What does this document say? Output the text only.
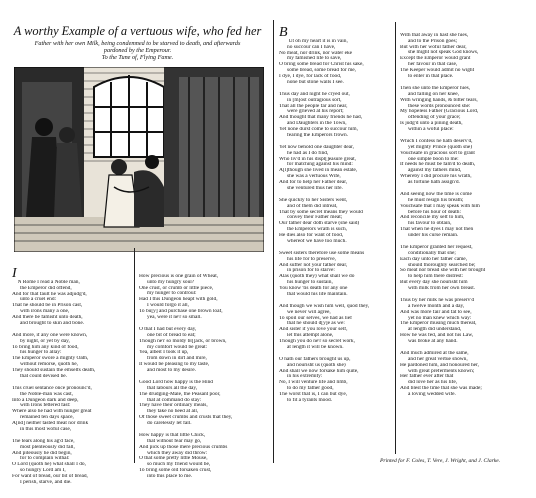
A worthy Example of a vertuous wife, who fed her
Father with her own Milk, being condemned to be starved to death, and afterwards
pardoned by the Emperour.
To the Tune of, Flying Fame.

I

N Rome I read a Noble man,
the Emperor did offend,
And for that fault he was adjudg'd,
unto a cruel end:
That he should be in Prison cast,
with irons many a one,
And there be famisht unto death,
and brought to skin and bone.

And more, if any one were known,
by night, or yet by day,
To bring him any kind of food,
his hunger to allay:
The Emperor swore a mighty Oath,
without remorse, quoth he,
They should sustain the emselfs death,
that could devised be.

This cruel sentance once pronounc'd,
the Noble-man was cast,
Into a Dungeon dark and deep,
with Irons fettered fast:
Where also he had with hunger great
remained ten days space,
A[nd] neither tasted meat nor drink
in this most woful case,

The tears along his ag'd face,
most plenteously did fall,
And piteously he did begin,
for to complain withal:
O Lord (quoth he) what shall I do,
so hungry Lord am I,
For want of bread, our bit of bread,
I perish, starve, and die.

How precious is one grain of Wheat,
unto my hungry soul?
One crust, or crumb or little piece,
my hunger to controul:
Had I this Dungeon heapt with gold,
I would forgo it all,
To bu[y] and purchase one brown loaf,
yea, were it ne'r so small.

O that I had but every day,
one bit of bread to eat;
Though ne'r so moldy bl[]ack, or brown,
my comfort would be great:
Yea, albeit I took it up,
from down in dirt and mire,
It would be pleasing to my taste,
and most to my desire.

Good Lord how happy is the Hind
that labours all the day,
The drudging-Male, the Peasant poor,
that at command do stay:
They have their ordinary meals,
they take no heed at all,
Of those sweet crumbs and crusts that they,
do carelessly let fall.

How happy is that little Chick,
that without fear may go,
And pick up those mere precious crumbs
which they away did throw:
O that some pretty little Mouse,
so much my friend would be,
To bring some old forsaken crust,
into this place to me.

B

Ut oh my heart it is in vain,
no succour can I have,
No meat, nor drink, nor water eke
my famished life to save,
O bring some bread for Christ his sake,
some bread, some bread for me,
I dye, I dye, for lack of food,
none but stone walls I see.

Thus day and night he cryed out,
in [m]ost outragious sort,
That all the people far and near,
were grieved at his report;
And thought that many friends he had,
and Daughters in the Town,
Yet none durst come to succour him,
fearing the Emperors frown.

Yet now behold one daughter dear,
he had as I do find,
Who liv'd in his displ[]easure great,
for matching against his mind:
A[l]though she lived in mean estate,
she was a vertuous Wife,
And for to help her Father dear,
she ventured thus her life.

She quickly to her Sisters went,
and of them did intreat,
That by some secret means they would
convey their Father meat;
Our father dear doth starve (she said)
the Emperors wrath is such,
He dies also for want of food,
whereof we have too much.

Sweet sisters therefore use some means
his life for to preserve,
And suffer not your father dear,
in prison for to starve:
Alas (quoth they) what shall we do
his hunger to sustain,
You know 'tis death for any one
that would his life maintain.

And though we wish him well, quod they,
we never will agree,
To spoil our selves, we had as lief
that he should d[y]e as we:
And sister if you love your self,
let this attempt alone,
Though you do ne'r so secret work,
at length it will be known.

O hath our fathers brought us up,
and nourisht us (quoth she)
And shall we now forsake him quite,
in his extremity:
No, I will venture life and limb,
to do my father good,
The worst that is, I can but dye,
to fit a tyrants mood.

With that away in hast she hies,
and to the Prison goes;
But with her woful father dear,
she might not speak God knows,
Except the Emperor would grant
her favour in that case,
The Keeper would admit no wight
to enter in that place.

Then she unto the Emperor hies,
and falling on her knee,
With wringing hands, & bitter tears,
these words pronounced she:
My hopeless Father (Gracious Lord,
offending of your grace;
Is judg'd unto a pining death,
within a woful place:

Which I confess he hath deserv'd,
yet mighty Prince (quoth she)
Vouchsafe in gracious sort to grant
one simple boon to me:
If needs he must be fam'd to death,
against my fathers mind,
Whereby I did procure his wrath,
as fortune hath assign'd.

And seeing now the time is come
he must resign his breath;
Vouchsafe that I may speak with him
before his hour of death:
And reconcile my self to him,
his favour to obtain,
That when he dyes I may not then
under his curse remain.

The Emperor granted her request,
conditionally that she;
Each day unto her father came,
should thoroughly searched be;
So meat nor bread she with her brought
to help him there distrest:
But every day she nourisht him
with milk from her own breast.

Thus by her milk he was preserv'd
a twelve month and a day,
And was more fair and fat to see,
yet no man knew which way:
The Emperor musing much thereat,
at length did understand,
How he was fed, and not his Law,
was broke at any hand.

And much admired at the same,
and her great vertue shown,
He pardoned him, and honoured her,
with great preferments known;
Her father ever after that
did love her as his life,
And blest the time that she was made;
a loving wedded wife.

Printed for F. Coles, T. Vere, J. Wright, and J. Clarke.
